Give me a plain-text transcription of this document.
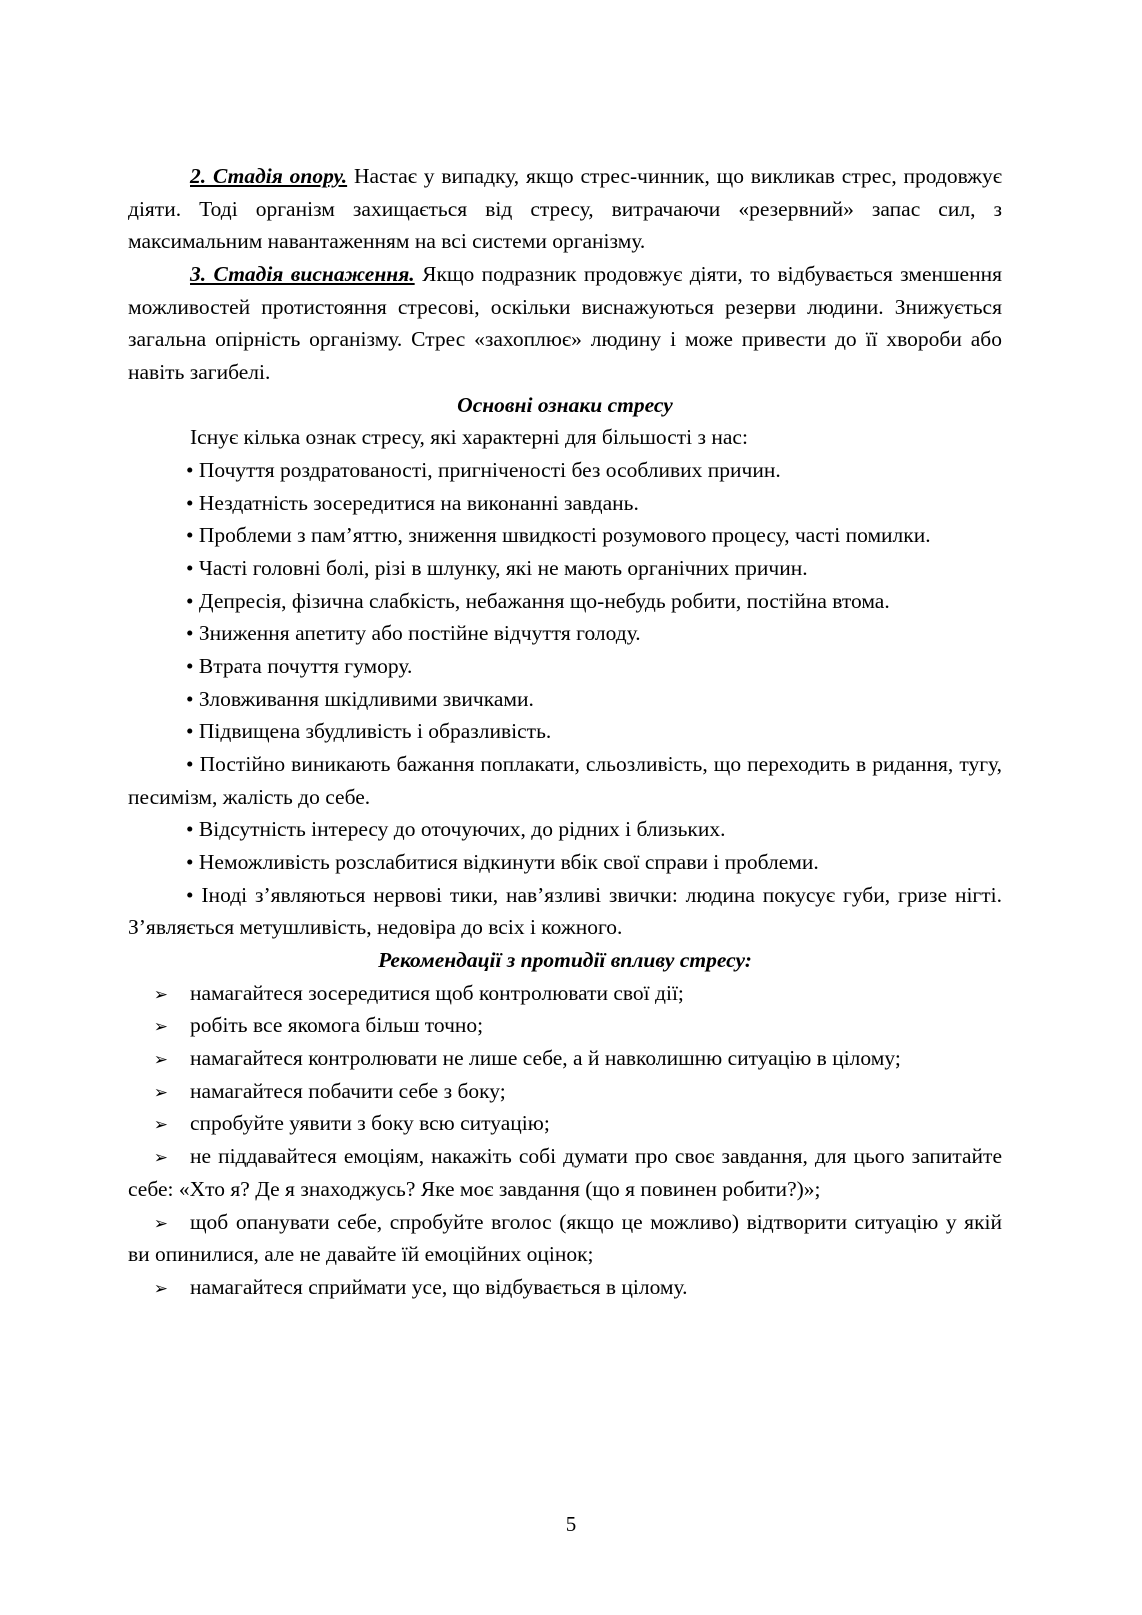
2. Стадія опору. Настає у випадку, якщо стрес-чинник, що викликав стрес, продовжує діяти. Тоді організм захищається від стресу, витрачаючи «резервний» запас сил, з максимальним навантаженням на всі системи організму.

3. Стадія виснаження. Якщо подразник продовжує діяти, то відбувається зменшення можливостей протистояння стресові, оскільки виснажуються резерви людини. Знижується загальна опірність організму. Стрес «захоплює» людину і може привести до її хвороби або навіть загибелі.

Основні ознаки стресу

Існує кілька ознак стресу, які характерні для більшості з нас:

• Почуття роздратованості, пригніченості без особливих причин.

• Нездатність зосередитися на виконанні завдань.

• Проблеми з пам’яттю, зниження швидкості розумового процесу, часті помилки.

• Часті головні болі, різі в шлунку, які не мають органічних причин.

• Депресія, фізична слабкість, небажання що-небудь робити, постійна втома.

• Зниження апетиту або постійне відчуття голоду.

• Втрата почуття гумору.

• Зловживання шкідливими звичками.

• Підвищена збудливість і образливість.

• Постійно виникають бажання поплакати, сльозливість, що переходить в ридання, тугу, песимізм, жалість до себе.

• Відсутність інтересу до оточуючих, до рідних і близьких.

• Неможливість розслабитися відкинути вбік свої справи і проблеми.

• Іноді з’являються нервові тики, нав’язливі звички: людина покусує губи, гризе нігті. З’являється метушливість, недовіра до всіх і кожного.

Рекомендації з протидії впливу стресу:

➢ намагайтеся зосередитися щоб контролювати свої дії;

➢ робіть все якомога більш точно;

➢ намагайтеся контролювати не лише себе, а й навколишню ситуацію в цілому;

➢ намагайтеся побачити себе з боку;

➢ спробуйте уявити з боку всю ситуацію;

➢ не піддавайтеся емоціям, накажіть собі думати про своє завдання, для цього запитайте себе: «Хто я? Де я знаходжусь? Яке моє завдання (що я повинен робити?)»;

➢ щоб опанувати себе, спробуйте вголос (якщо це можливо) відтворити ситуацію у якій ви опинилися, але не давайте їй емоційних оцінок;

➢ намагайтеся сприймати усе, що відбувається в цілому.

5
